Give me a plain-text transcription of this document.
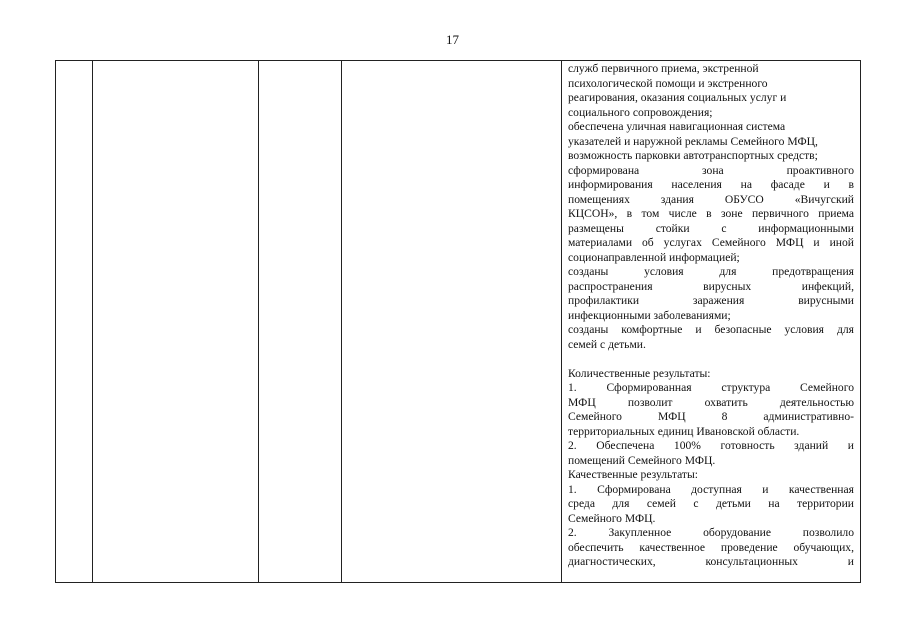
17

служб первичного приема, экстренной
психологической помощи и экстренного
реагирования, оказания социальных услуг и
социального сопровождения;
обеспечена уличная навигационная система
указателей и наружной рекламы Семейного МФЦ,
возможность парковки автотранспортных средств;
сформирована зона проактивного
информирования населения на фасаде и в
помещениях здания ОБУСО «Вичугский
КЦСОН», в том числе в зоне первичного приема
размещены стойки с информационными
материалами об услугах Семейного МФЦ и иной
соционаправленной информацией;
созданы условия для предотвращения
распространения вирусных инфекций,
профилактики заражения вирусными
инфекционными заболеваниями;
созданы комфортные и безопасные условия для
семей с детьми.
Количественные результаты:
1. Сформированная структура Семейного
МФЦ позволит охватить деятельностью
Семейного МФЦ 8 административно-
территориальных единиц Ивановской области.
2. Обеспечена 100% готовность зданий и
помещений Семейного МФЦ.
Качественные результаты:
1. Сформирована доступная и качественная
среда для семей с детьми на территории
Семейного МФЦ.
2. Закупленное оборудование позволило
обеспечить качественное проведение обучающих,
диагностических, консультационных и
